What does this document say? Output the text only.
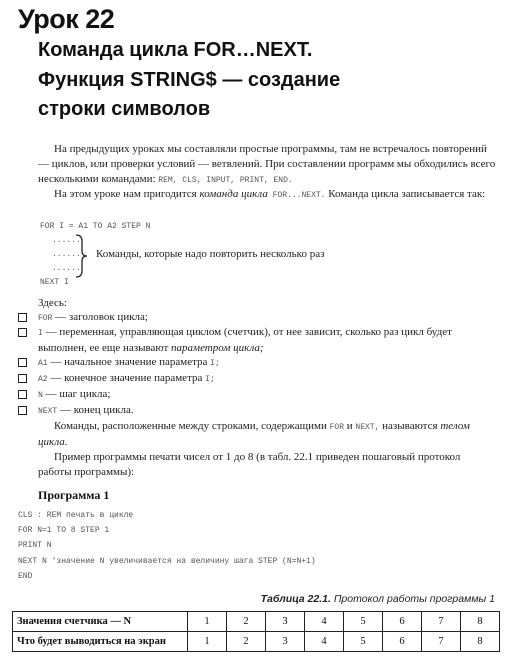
Урок 22
Команда цикла FOR…NEXT.
Функция STRING$ — создание
строки символов
На предыдущих уроках мы составляли простые программы, там не встречалось повторений — циклов, или проверки условий — ветвлений. При составлении программ мы обходились всего несколькими командами: REM, CLS, INPUT, PRINT, END.
На этом уроке нам пригодится команда цикла FOR...NEXT. Команда цикла записывается так:
FOR I = A1 TO A2 STEP N
......
......
......
Команды, которые надо повторить несколько раз
NEXT I
Здесь:
FOR — заголовок цикла;
I — переменная, управляющая циклом (счетчик), от нее зависит, сколько раз цикл будет выполнен, ее еще называют параметром цикла;
A1 — начальное значение параметра I;
A2 — конечное значение параметра I;
N — шаг цикла;
NEXT — конец цикла.
Команды, расположенные между строками, содержащими FOR и NEXT, называются телом цикла.
Пример программы печати чисел от 1 до 8 (в табл. 22.1 приведен пошаговый протокол работы программы):
Программа 1
CLS : REM печать в цикле
FOR N=1 TO 8 STEP 1
PRINT N
NEXT N 'значение N увеличивается на величину шага STEP (N=N+1)
END
Таблица 22.1. Протокол работы программы 1
Значения счетчика — N	1	2	3	4	5	6	7	8
Что будет выводиться на экран	1	2	3	4	5	6	7	8
